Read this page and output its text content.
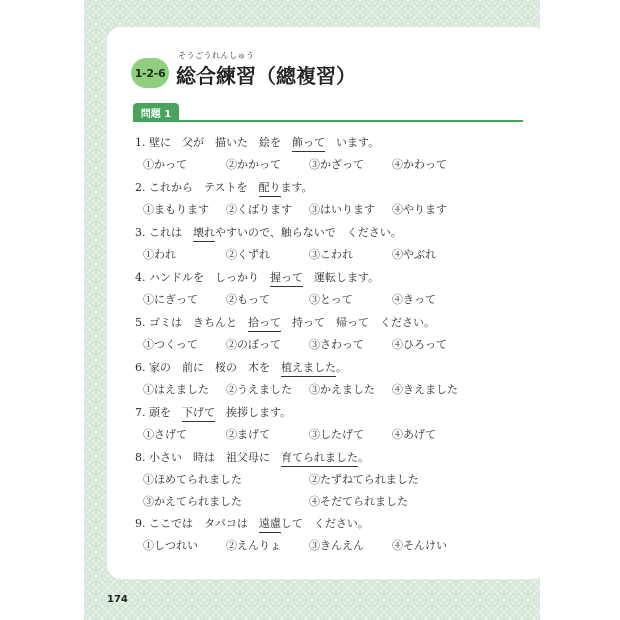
1-2-6
そうごうれんしゅう
総合練習（總複習）
問題 1
1. 壁に　父が　描いた　絵を　飾って　います。
①かって	②かかって	③かざって	④かわって
2. これから　テストを　配ります。
①まもります ②くばります ③はいります ④やります
3. これは　壊れやすいので、触らないで　ください。
①われ	②くずれ	③こわれ	④やぶれ
4. ハンドルを　しっかり　握って　運転します。
①にぎって	②もって	③とって	④きって
5. ゴミは　きちんと　拾って　持って　帰って　ください。
①つくって	②のぼって	③さわって	④ひろって
6. 家の　前に　桜の　木を　植えました。
①はえました ②うえました ③かえました ④きえました
7. 頭を　下げて　挨拶します。
①さげて	②まげて	③したげて	④あげて
8. 小さい　時は　祖父母に　育てられました。
①ほめてられました	②たずねてられました
③かえてられました	④そだてられました
9. ここでは　タバコは　遠慮して　ください。
①しつれい	②えんりょ	③きんえん	④そんけい
174
